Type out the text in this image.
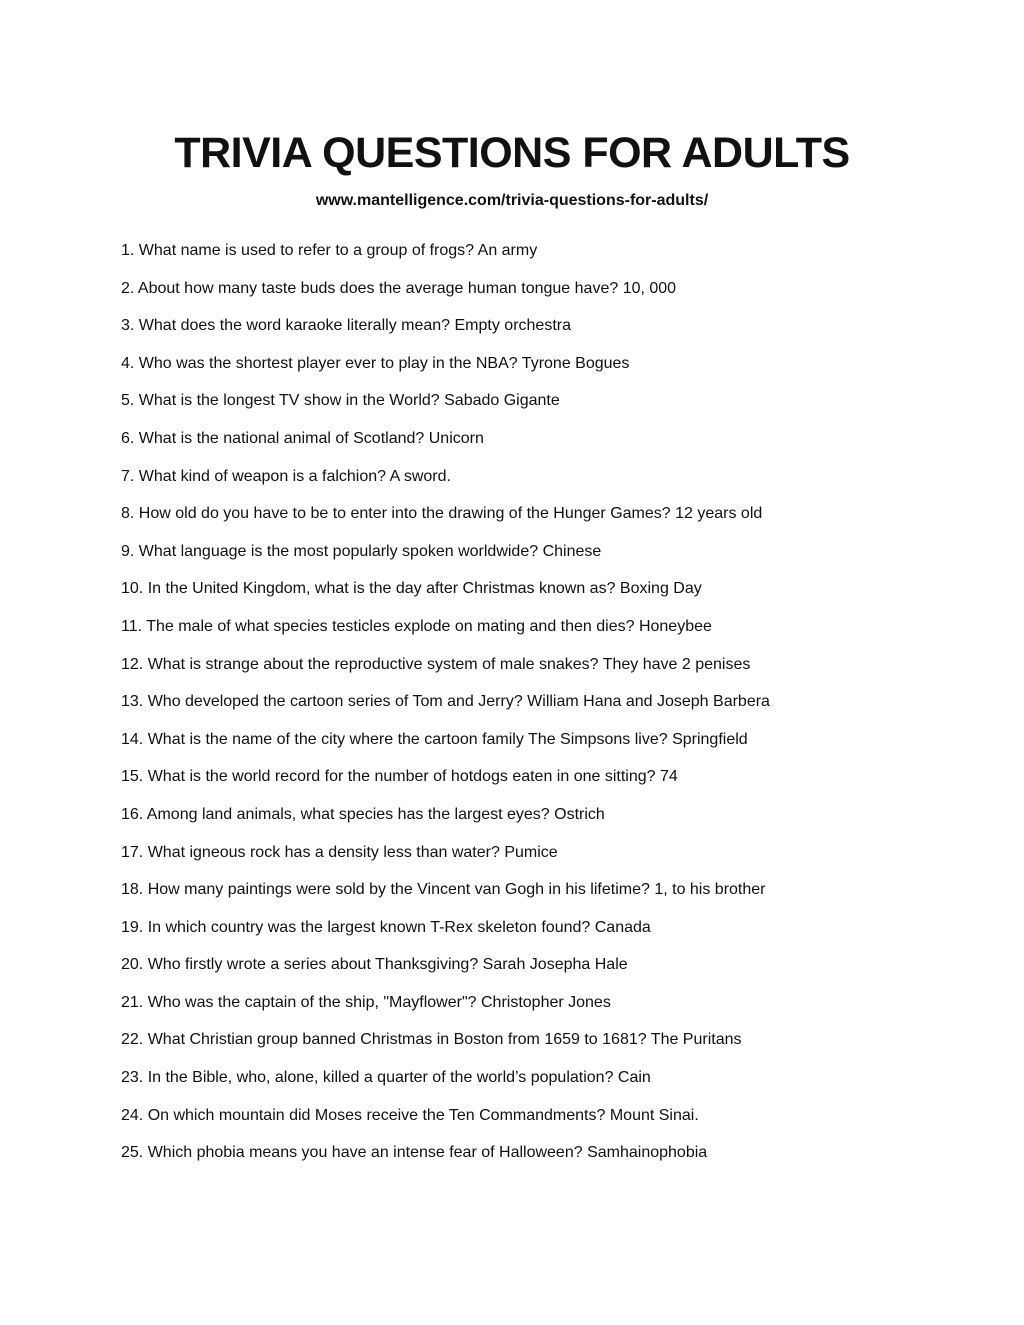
TRIVIA QUESTIONS FOR ADULTS
www.mantelligence.com/trivia-questions-for-adults/
1. What name is used to refer to a group of frogs? An army
2. About how many taste buds does the average human tongue have? 10, 000
3. What does the word karaoke literally mean? Empty orchestra
4. Who was the shortest player ever to play in the NBA? Tyrone Bogues
5. What is the longest TV show in the World? Sabado Gigante
6. What is the national animal of Scotland? Unicorn
7. What kind of weapon is a falchion? A sword.
8. How old do you have to be to enter into the drawing of the Hunger Games? 12 years old
9. What language is the most popularly spoken worldwide? Chinese
10. In the United Kingdom, what is the day after Christmas known as? Boxing Day
11. The male of what species testicles explode on mating and then dies? Honeybee
12. What is strange about the reproductive system of male snakes? They have 2 penises
13. Who developed the cartoon series of Tom and Jerry? William Hana and Joseph Barbera
14. What is the name of the city where the cartoon family The Simpsons live? Springfield
15. What is the world record for the number of hotdogs eaten in one sitting? 74
16. Among land animals, what species has the largest eyes? Ostrich
17. What igneous rock has a density less than water? Pumice
18. How many paintings were sold by the Vincent van Gogh in his lifetime? 1, to his brother
19. In which country was the largest known T-Rex skeleton found? Canada
20. Who firstly wrote a series about Thanksgiving? Sarah Josepha Hale
21. Who was the captain of the ship, "Mayflower"? Christopher Jones
22. What Christian group banned Christmas in Boston from 1659 to 1681? The Puritans
23. In the Bible, who, alone, killed a quarter of the world’s population? Cain
24. On which mountain did Moses receive the Ten Commandments? Mount Sinai.
25. Which phobia means you have an intense fear of Halloween? Samhainophobia
